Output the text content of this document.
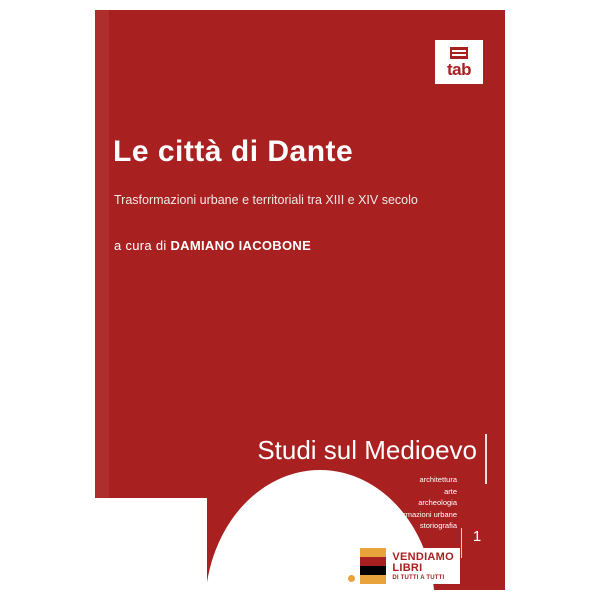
tab
Le città di Dante
Trasformazioni urbane e territoriali tra XIII e XIV secolo
a cura di DAMIANO IACOBONE
Studi sul Medioevo
architettura
arte
archeologia
trasformazioni urbane
storiografia
1
VENDIAMO
LIBRI
DI TUTTI A TUTTI
